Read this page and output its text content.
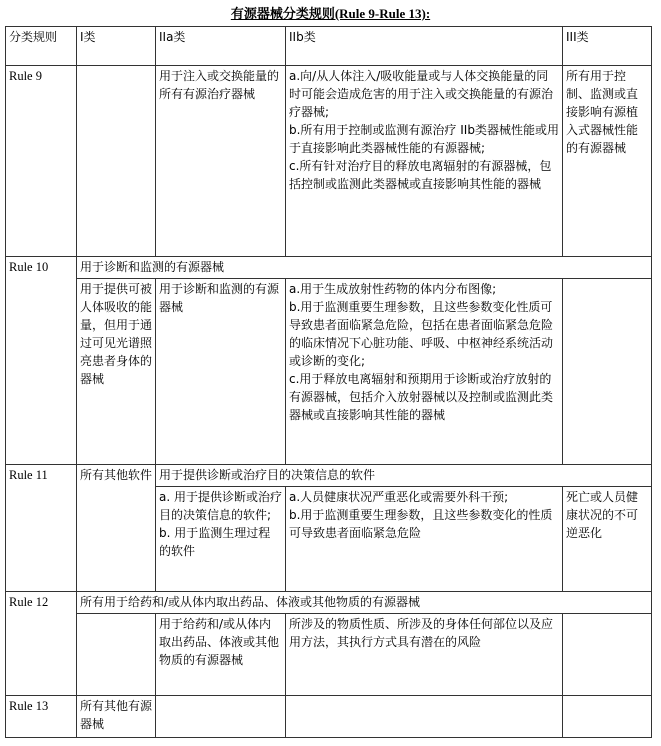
有源器械分类规则(Rule 9-Rule 13):
分类规则	I类	IIa类	IIb类	III类
Rule 9		用于注入或交换能量的所有有源治疗器械	a.向/从人体注入/吸收能量或与人体交换能量的同时可能会造成危害的用于注入或交换能量的有源治疗器械;
b.所有用于控制或监测有源治疗 IIb类器械性能或用于直接影响此类器械性能的有源器械;
c.所有针对治疗目的释放电离辐射的有源器械，包括控制或监测此类器械或直接影响其性能的器械	所有用于控制、监测或直接影响有源植入式器械性能的有源器械
Rule 10	用于诊断和监测的有源器械			
	用于提供可被人体吸收的能量，但用于通过可见光谱照亮患者身体的器械	用于诊断和监测的有源器械	a.用于生成放射性药物的体内分布图像;
b.用于监测重要生理参数，且这些参数变化性质可导致患者面临紧急危险，包括在患者面临紧急危险的临床情况下心脏功能、呼吸、中枢神经系统活动或诊断的变化;
c.用于释放电离辐射和预期用于诊断或治疗放射的有源器械，包括介入放射器械以及控制或监测此类器械或直接影响其性能的器械	

Rule 11	所有其他软件	用于提供诊断或治疗目的决策信息的软件		

		a. 用于提供诊断或治疗目的决策信息的软件;
b. 用于监测生理过程的软件	a.人员健康状况严重恶化或需要外科干预;
b.用于监测重要生理参数，且这些参数变化的性质可导致患者面临紧急危险	死亡或人员健康状况的不可逆恶化
Rule 12	所有用于给药和/或从体内取出药品、体液或其他物质的有源器械			
		用于给药和/或从体内取出药品、体液或其他物质的有源器械	所涉及的物质性质、所涉及的身体任何部位以及应用方法，其执行方式具有潜在的风险	
Rule 13	所有其他有源器械			
